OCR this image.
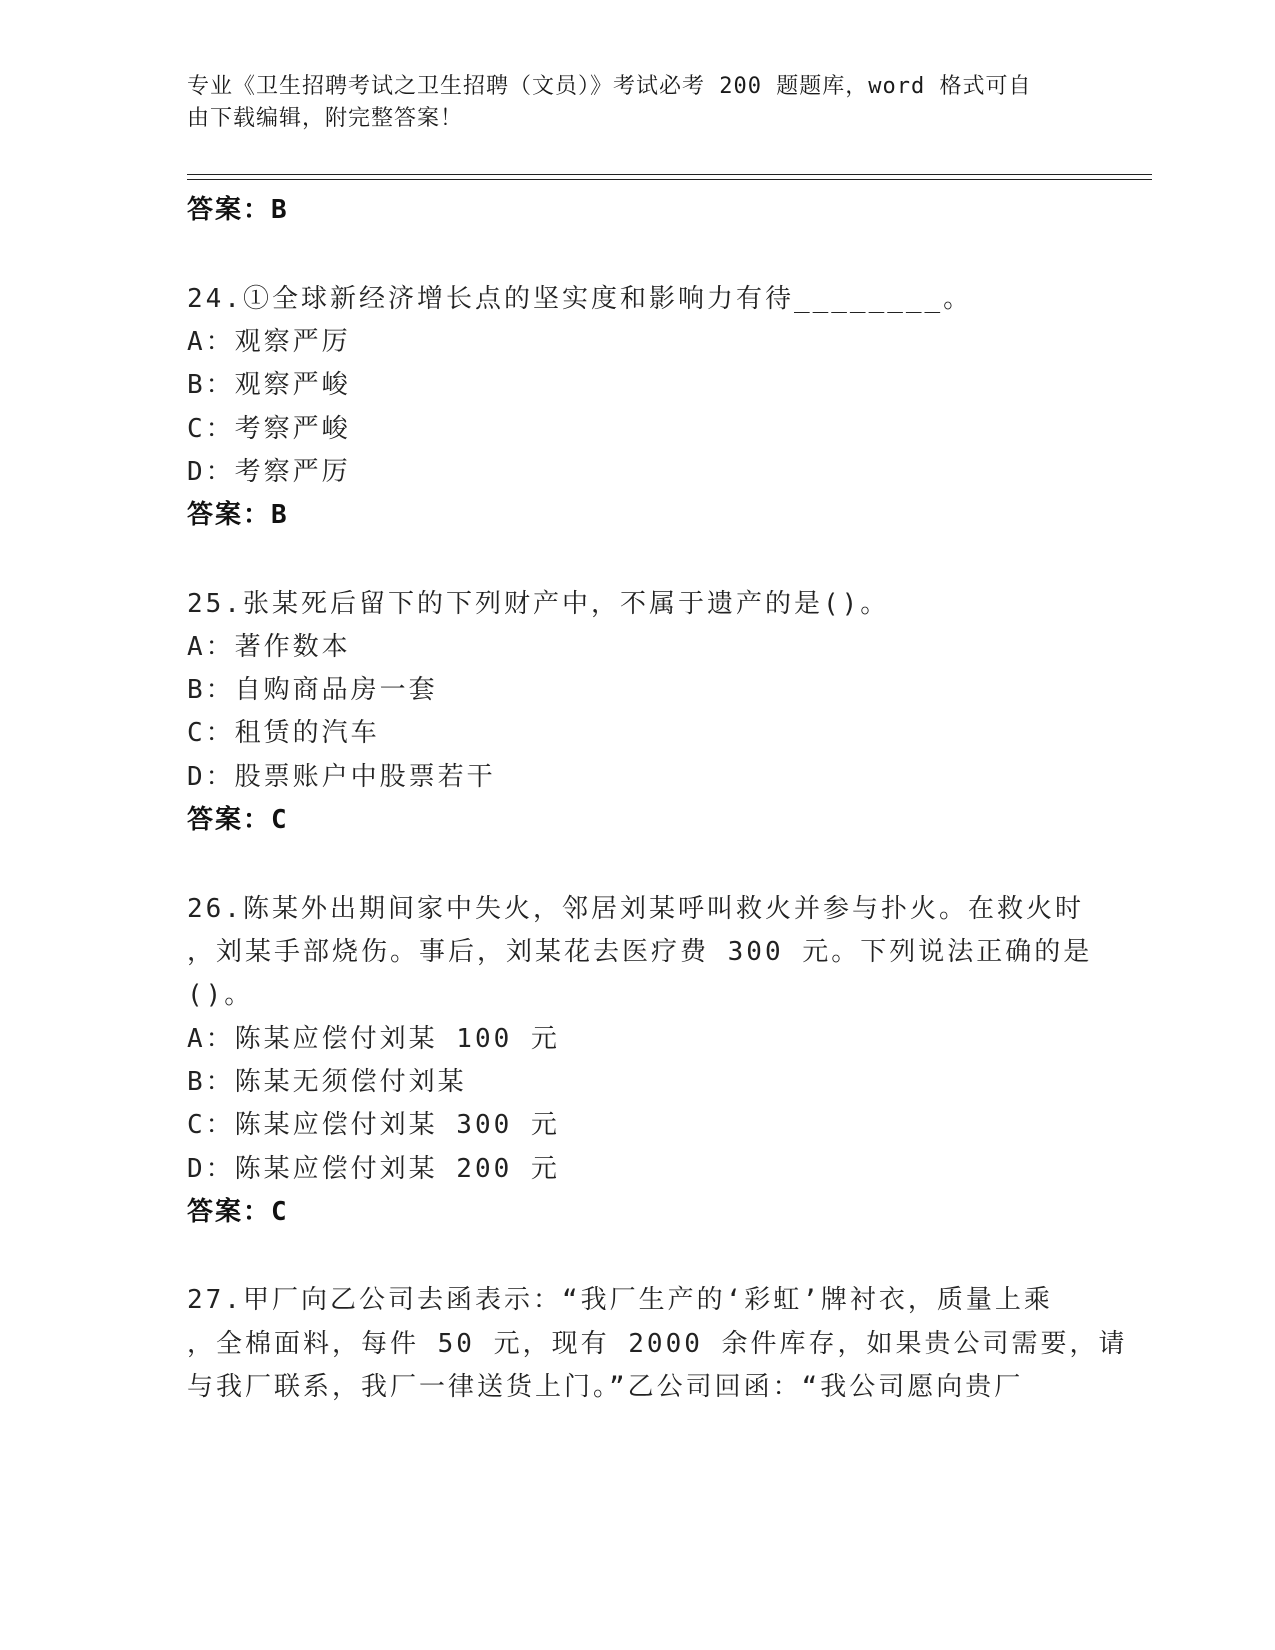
专业《卫生招聘考试之卫生招聘（文员）》考试必考 200 题题库，word 格式可自
由下载编辑，附完整答案！
答案：B
24.①全球新经济增长点的坚实度和影响力有待________。
A：观察严厉
B：观察严峻
C：考察严峻
D：考察严厉
答案：B
25.张某死后留下的下列财产中，不属于遗产的是()。
A：著作数本
B：自购商品房一套
C：租赁的汽车
D：股票账户中股票若干
答案：C
26.陈某外出期间家中失火，邻居刘某呼叫救火并参与扑火。在救火时
，刘某手部烧伤。事后，刘某花去医疗费 300 元。下列说法正确的是
()。
A：陈某应偿付刘某 100 元
B：陈某无须偿付刘某
C：陈某应偿付刘某 300 元
D：陈某应偿付刘某 200 元
答案：C
27.甲厂向乙公司去函表示：“我厂生产的‘彩虹’牌衬衣，质量上乘
，全棉面料，每件 50 元，现有 2000 余件库存，如果贵公司需要，请
与我厂联系，我厂一律送货上门。”乙公司回函：“我公司愿向贵厂
